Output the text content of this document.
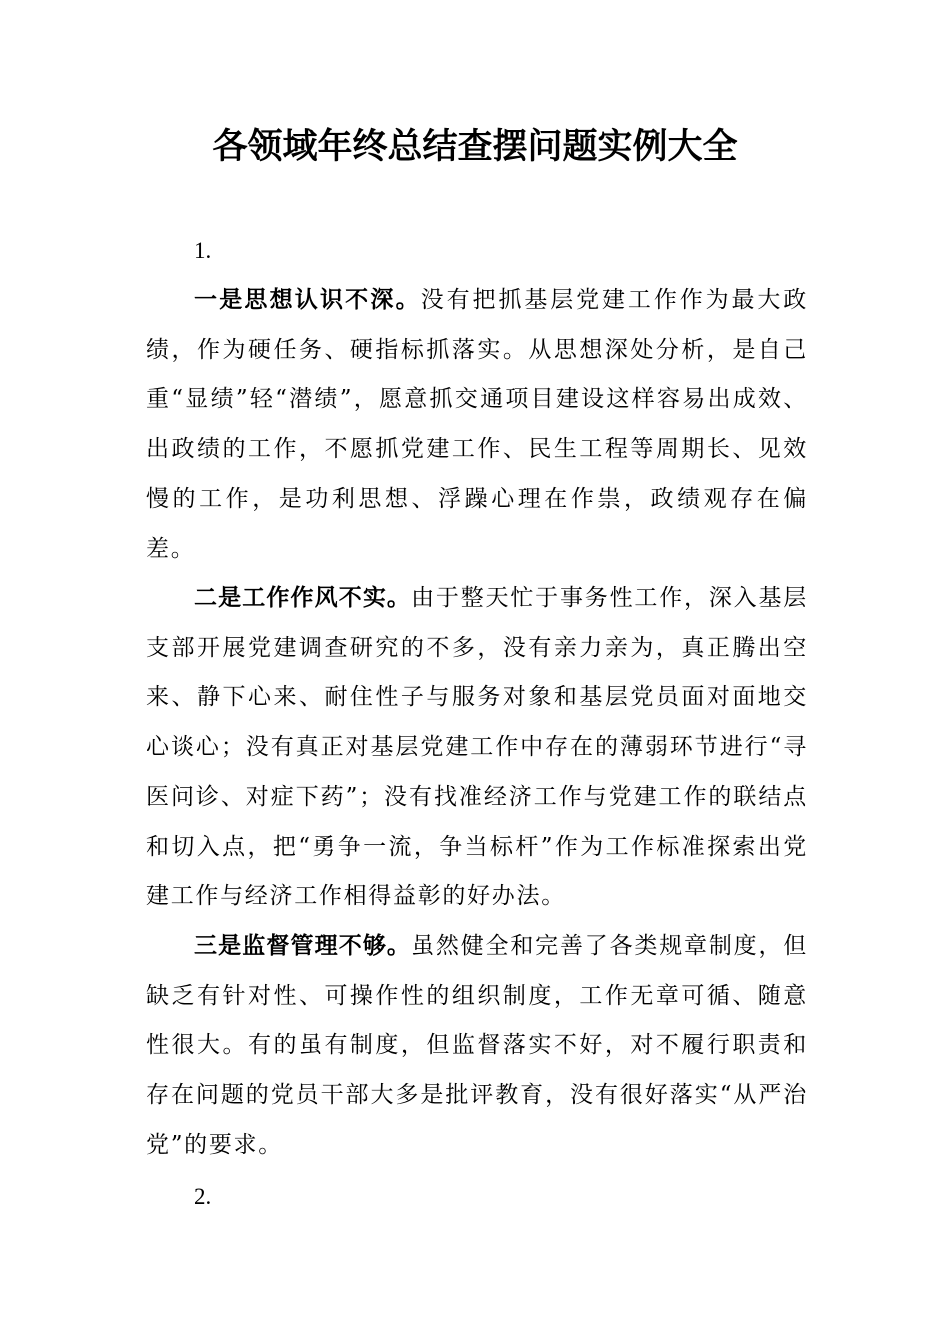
各领域年终总结查摆问题实例大全
1.

一是思想认识不深。没有把抓基层党建工作作为最大政绩，作为硬任务、硬指标抓落实。从思想深处分析，是自己重“显绩”轻“潜绩”，愿意抓交通项目建设这样容易出成效、出政绩的工作，不愿抓党建工作、民生工程等周期长、见效慢的工作，是功利思想、浮躁心理在作祟，政绩观存在偏差。

二是工作作风不实。由于整天忙于事务性工作，深入基层支部开展党建调查研究的不多，没有亲力亲为，真正腾出空来、静下心来、耐住性子与服务对象和基层党员面对面地交心谈心；没有真正对基层党建工作中存在的薄弱环节进行“寻医问诊、对症下药”；没有找准经济工作与党建工作的联结点和切入点，把“勇争一流，争当标杆”作为工作标准探索出党建工作与经济工作相得益彰的好办法。

三是监督管理不够。虽然健全和完善了各类规章制度，但缺乏有针对性、可操作性的组织制度，工作无章可循、随意性很大。有的虽有制度，但监督落实不好，对不履行职责和存在问题的党员干部大多是批评教育，没有很好落实“从严治党”的要求。

2.
